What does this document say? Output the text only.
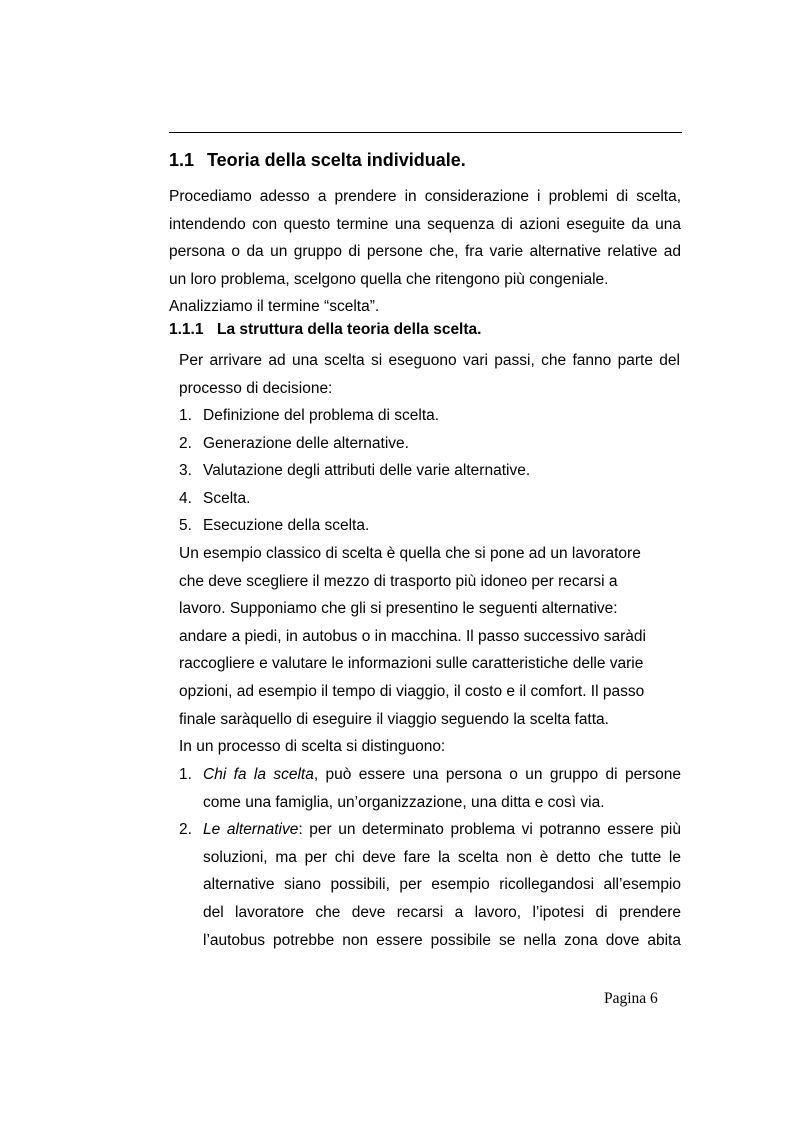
1.1 Teoria della scelta individuale.
Procediamo adesso a prendere in considerazione i problemi di scelta,
intendendo con questo termine una sequenza di azioni eseguite da una
persona o da un gruppo di persone che, fra varie alternative relative ad
un loro problema, scelgono quella che ritengono più congeniale.
Analizziamo il termine “scelta”.
1.1.1 La struttura della teoria della scelta.
Per arrivare ad una scelta si eseguono vari passi, che fanno parte del
processo di decisione:
1. Definizione del problema di scelta.
2. Generazione delle alternative.
3. Valutazione degli attributi delle varie alternative.
4. Scelta.
5. Esecuzione della scelta.
Un esempio classico di scelta è quella che si pone ad un lavoratore
che deve scegliere il mezzo di trasporto più idoneo per recarsi a
lavoro. Supponiamo che gli si presentino le seguenti alternative:
andare a piedi, in autobus o in macchina. Il passo successivo saràdi
raccogliere e valutare le informazioni sulle caratteristiche delle varie
opzioni, ad esempio il tempo di viaggio, il costo e il comfort. Il passo
finale saràquello di eseguire il viaggio seguendo la scelta fatta.
In un processo di scelta si distinguono:
1. Chi fa la scelta, può essere una persona o un gruppo di persone
come una famiglia, un’organizzazione, una ditta e così via.
2. Le alternative: per un determinato problema vi potranno essere più
soluzioni, ma per chi deve fare la scelta non è detto che tutte le
alternative siano possibili, per esempio ricollegandosi all’esempio
del lavoratore che deve recarsi a lavoro, l’ipotesi di prendere
l’autobus potrebbe non essere possibile se nella zona dove abita
Pagina 6
